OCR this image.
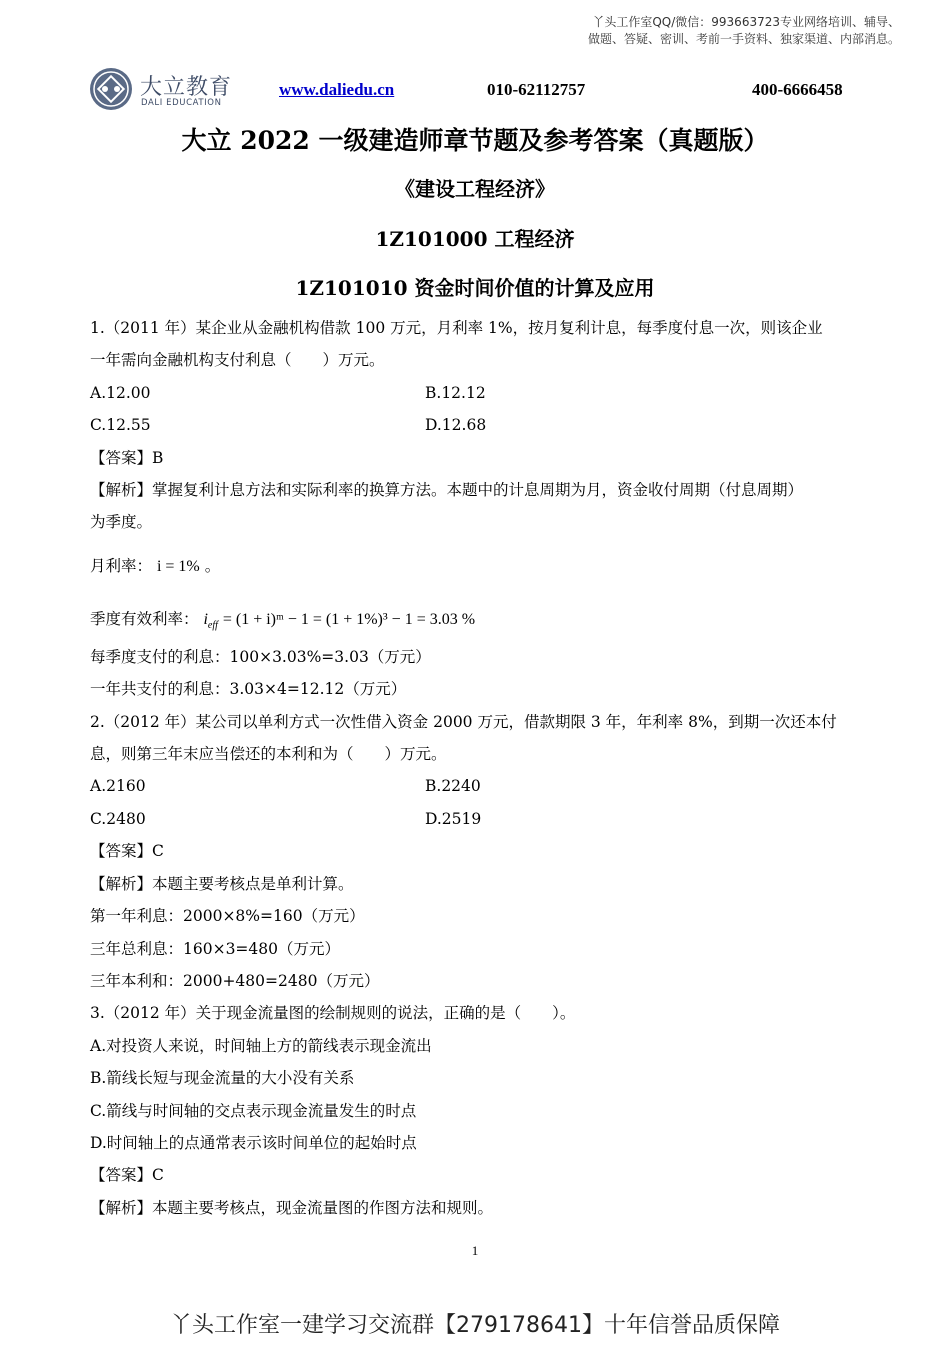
丫头工作室QQ/微信：993663723专业网络培训、辅导、
做题、答疑、密训、考前一手资料、独家渠道、内部消息。
大立教育
DALI EDUCATION
www.daliedu.cn	010-62112757	400-6666458
大立 2022 一级建造师章节题及参考答案（真题版）
《建设工程经济》
1Z101000 工程经济
1Z101010 资金时间价值的计算及应用

1.（2011 年）某企业从金融机构借款 100 万元，月利率 1%，按月复利计息，每季度付息一次，则该企业

一年需向金融机构支付利息（　　）万元。

A.12.00	B.12.12

C.12.55	D.12.68

【答案】B

【解析】掌握复利计息方法和实际利率的换算方法。本题中的计息周期为月，资金收付周期（付息周期）

为季度。

月利率： i = 1% 。
季度有效利率： $i_{eff} = (1$ + i)ᵐ − 1 = (1 + 1%)³ − 1 = 3.03 %

每季度支付的利息：100×3.03%=3.03（万元）

一年共支付的利息：3.03×4=12.12（万元）

2.（2012 年）某公司以单利方式一次性借入资金 2000 万元，借款期限 3 年，年利率 8%，到期一次还本付

息，则第三年末应当偿还的本利和为（　　）万元。

A.2160	B.2240

C.2480	D.2519

【答案】C

【解析】本题主要考核点是单利计算。

第一年利息：2000×8%=160（万元）

三年总利息：160×3=480（万元）

三年本利和：2000+480=2480（万元）

3.（2012 年）关于现金流量图的绘制规则的说法，正确的是（　　）。

A.对投资人来说，时间轴上方的箭线表示现金流出

B.箭线长短与现金流量的大小没有关系

C.箭线与时间轴的交点表示现金流量发生的时点

D.时间轴上的点通常表示该时间单位的起始时点

【答案】C

【解析】本题主要考核点，现金流量图的作图方法和规则。

1
丫头工作室一建学习交流群【279178641】十年信誉品质保障
